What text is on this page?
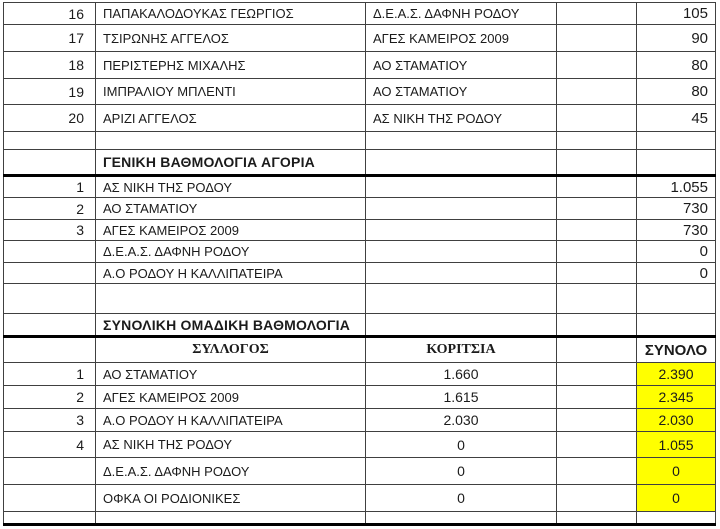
16	ΠΑΠΑΚΑΛΟΔΟΥΚΑΣ ΓΕΩΡΓΙΟΣ	Δ.Ε.Α.Σ. ΔΑΦΝΗ ΡΟΔΟΥ	105
17	ΤΣΙΡΩΝΗΣ ΑΓΓΕΛΟΣ	ΑΓΕΣ ΚΑΜΕΙΡΟΣ 2009	90
18	ΠΕΡΙΣΤΕΡΗΣ ΜΙΧΑΛΗΣ	ΑΟ ΣΤΑΜΑΤΙΟΥ	80
19	ΙΜΠΡΑΛΙΟΥ ΜΠΛΕΝΤΙ	ΑΟ ΣΤΑΜΑΤΙΟΥ	80
20	ΑΡΙΖΙ ΑΓΓΕΛΟΣ	ΑΣ ΝΙΚΗ ΤΗΣ ΡΟΔΟΥ	45
ΓΕΝΙΚΗ ΒΑΘΜΟΛΟΓΙΑ ΑΓΟΡΙΑ
1	ΑΣ ΝΙΚΗ ΤΗΣ ΡΟΔΟΥ	1.055
2	ΑΟ ΣΤΑΜΑΤΙΟΥ	730
3	ΑΓΕΣ ΚΑΜΕΙΡΟΣ 2009	730
Δ.Ε.Α.Σ. ΔΑΦΝΗ ΡΟΔΟΥ	0
Α.Ο ΡΟΔΟΥ Η ΚΑΛΛΙΠΑΤΕΙΡΑ	0
ΣΥΝΟΛΙΚΗ ΟΜΑΔΙΚΗ ΒΑΘΜΟΛΟΓΙΑ
ΣΥΛΛΟΓΟΣ	ΚΟΡΙΤΣΙΑ	ΣΥΝΟΛΟ
1	ΑΟ ΣΤΑΜΑΤΙΟΥ	1.660	2.390
2	ΑΓΕΣ ΚΑΜΕΙΡΟΣ 2009	1.615	2.345
3	Α.Ο ΡΟΔΟΥ Η ΚΑΛΛΙΠΑΤΕΙΡΑ	2.030	2.030
4	ΑΣ ΝΙΚΗ ΤΗΣ ΡΟΔΟΥ	0	1.055
Δ.Ε.Α.Σ. ΔΑΦΝΗ ΡΟΔΟΥ	0	0
ΟΦΚΑ ΟΙ ΡΟΔΙΟΝΙΚΕΣ	0	0
